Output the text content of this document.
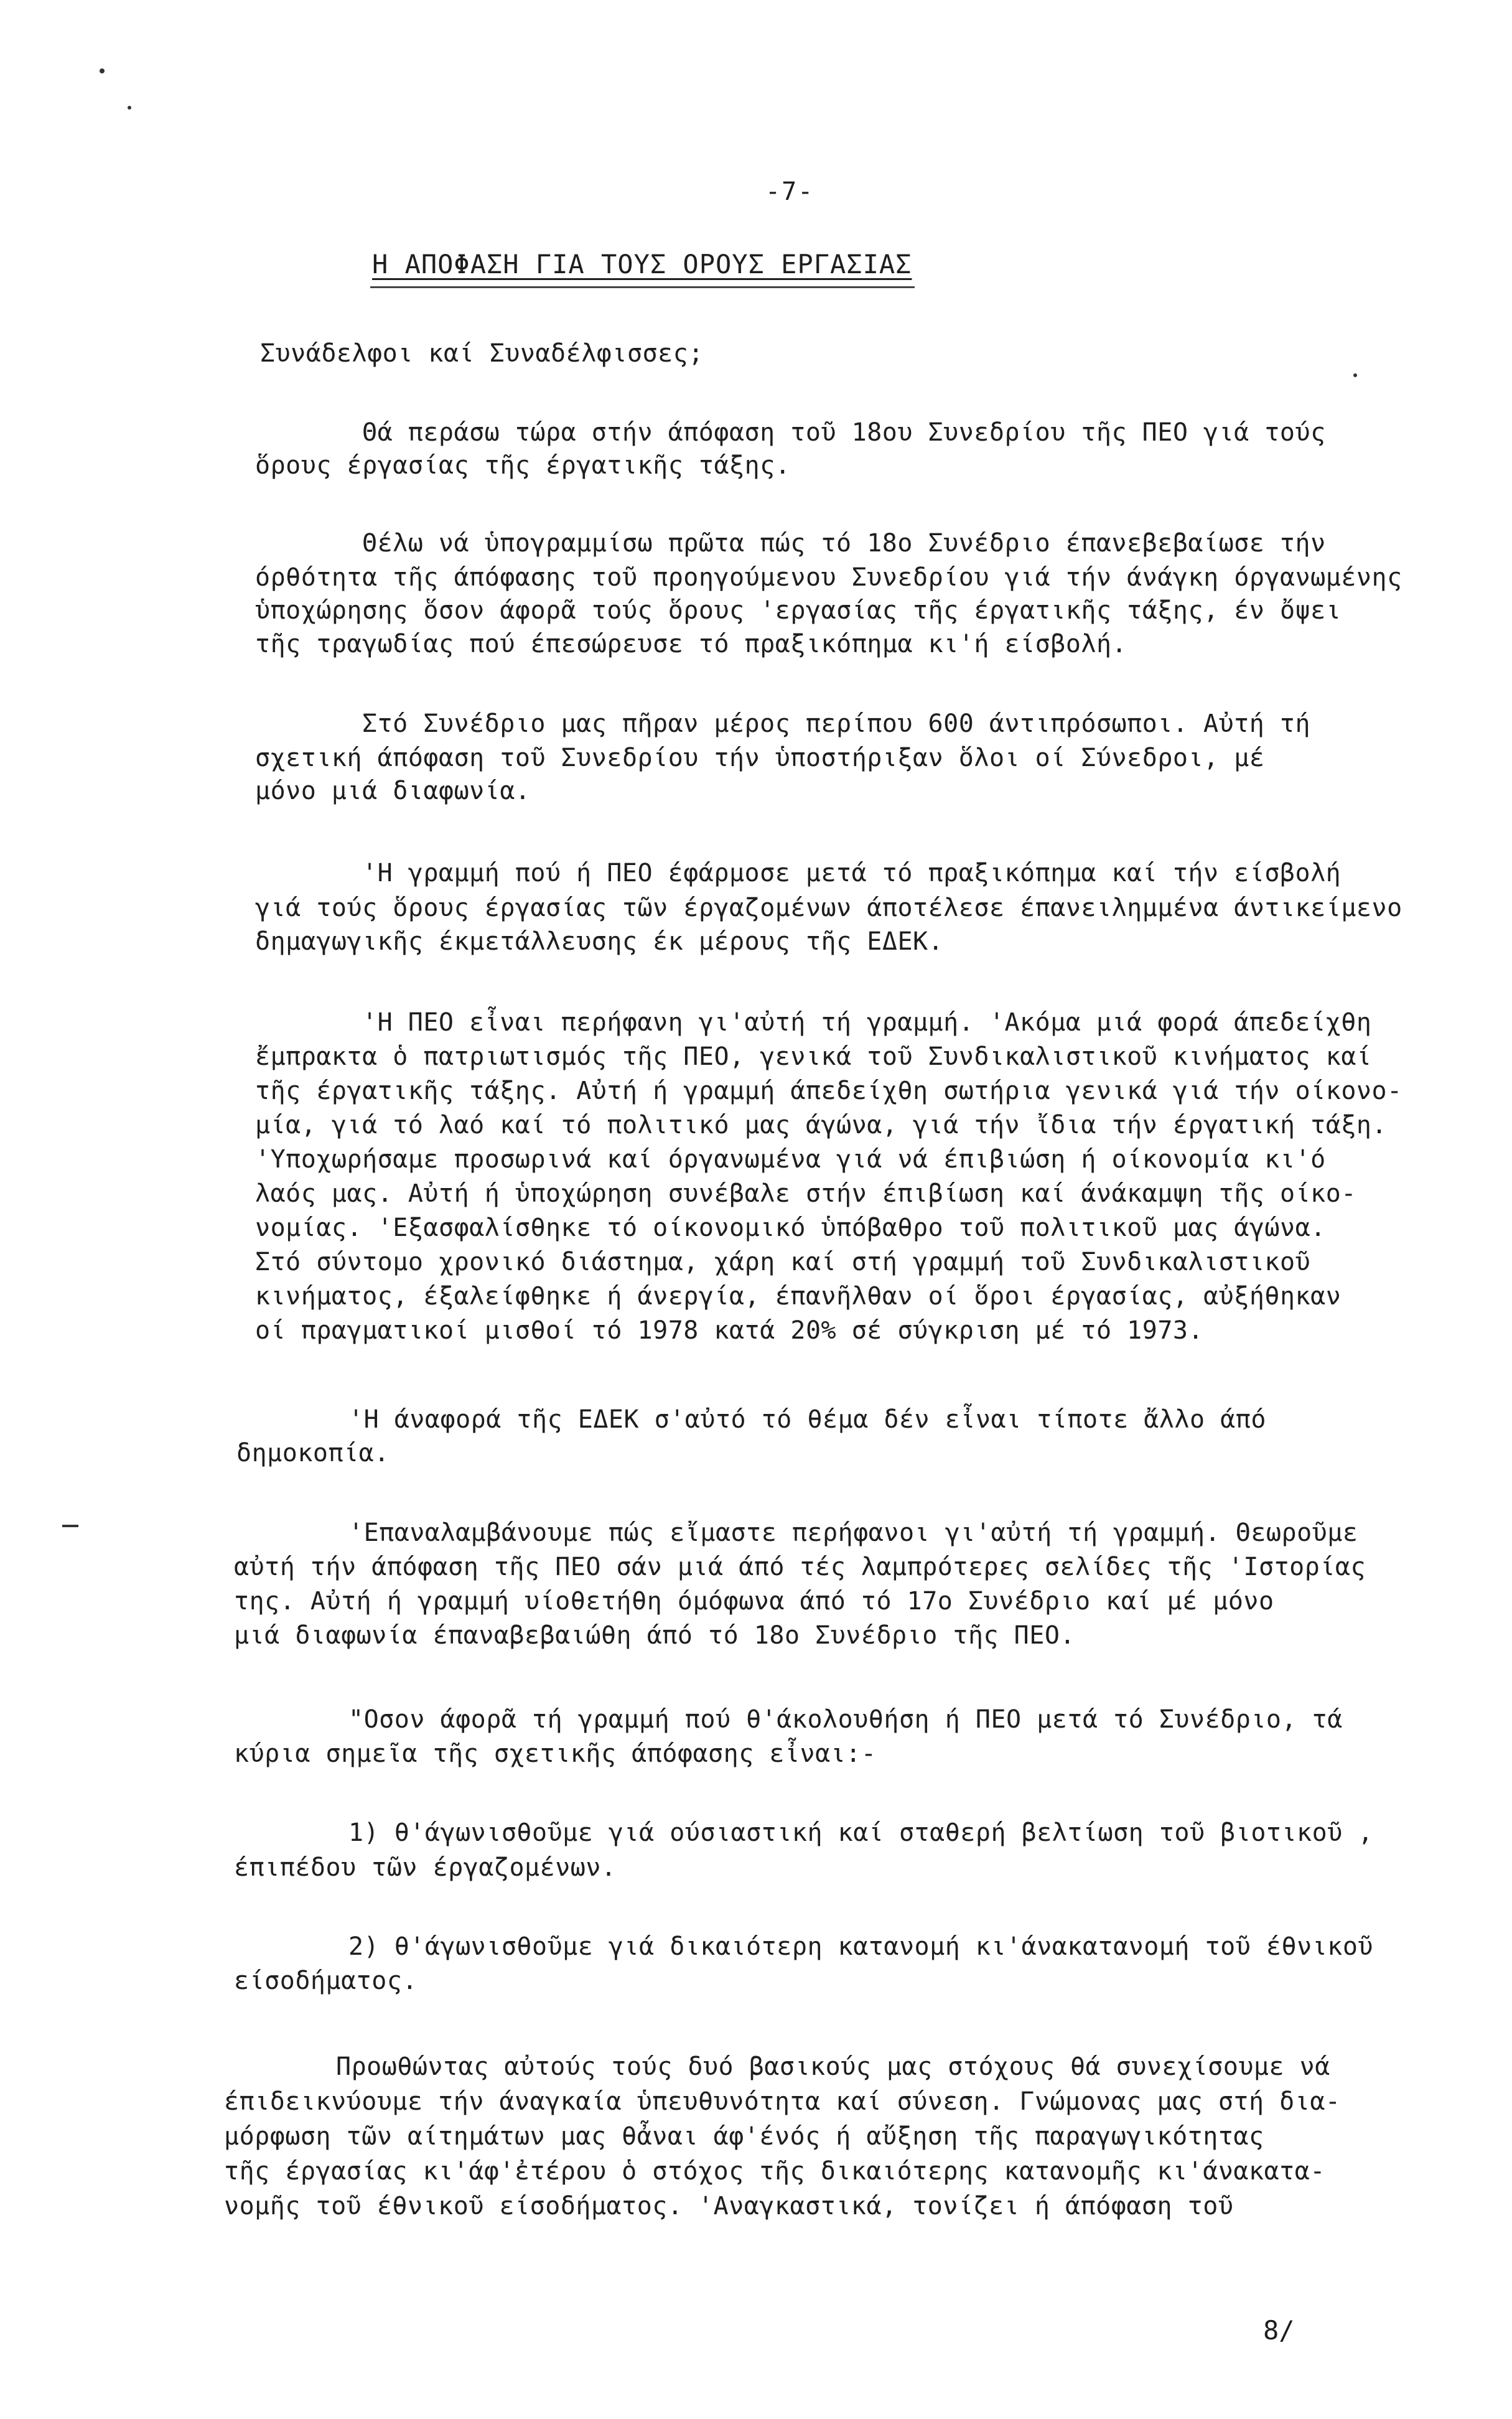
-7-
Η ΑΠΟΦΑΣΗ ΓΙΑ ΤΟΥΣ ΟΡΟΥΣ ΕΡΓΑΣΙΑΣ
Συνάδελφοι καί Συναδέλφισσες;
Θά περάσω τώρα στήν άπόφαση τοῦ 18ου Συνεδρίου τῆς ΠΕΟ γιά τούς
ὅρους έργασίας τῆς έργατικῆς τάξης.
Θέλω νά ὑπογραμμίσω πρῶτα πώς τό 18ο Συνέδριο έπανεβεβαίωσε τήν
όρθότητα τῆς άπόφασης τοῦ προηγούμενου Συνεδρίου γιά τήν άνάγκη όργανωμένης
ὑποχώρησης ὅσον άφορᾶ τούς ὅρους 'εργασίας τῆς έργατικῆς τάξης, έν ὄψει
τῆς τραγωδίας πού έπεσώρευσε τό πραξικόπημα κι'ή είσβολή.
Στό Συνέδριο μας πῆραν μέρος περίπου 600 άντιπρόσωποι. Αὐτή τή
σχετική άπόφαση τοῦ Συνεδρίου τήν ὑποστήριξαν ὅλοι οί Σύνεδροι, μέ
μόνο μιά διαφωνία.
'Η γραμμή πού ή ΠΕΟ έφάρμοσε μετά τό πραξικόπημα καί τήν είσβολή
γιά τούς ὅρους έργασίας τῶν έργαζομένων άποτέλεσε έπανειλημμένα άντικείμενο
δημαγωγικῆς έκμετάλλευσης έκ μέρους τῆς ΕΔΕΚ.
'Η ΠΕΟ εἶναι περήφανη γι'αὐτή τή γραμμή. 'Ακόμα μιά φορά άπεδείχθη
ἔμπρακτα ὁ πατριωτισμός τῆς ΠΕΟ, γενικά τοῦ Συνδικαλιστικοῦ κινήματος καί
τῆς έργατικῆς τάξης. Αὐτή ή γραμμή άπεδείχθη σωτήρια γενικά γιά τήν οίκονο-
μία, γιά τό λαό καί τό πολιτικό μας άγώνα, γιά τήν ἴδια τήν έργατική τάξη.
'Υποχωρήσαμε προσωρινά καί όργανωμένα γιά νά έπιβιώση ή οίκονομία κι'ό
λαός μας. Αὐτή ή ὑποχώρηση συνέβαλε στήν έπιβίωση καί άνάκαμψη τῆς οίκο-
νομίας. 'Εξασφαλίσθηκε τό οίκονομικό ὑπόβαθρο τοῦ πολιτικοῦ μας άγώνα.
Στό σύντομο χρονικό διάστημα, χάρη καί στή γραμμή τοῦ Συνδικαλιστικοῦ
κινήματος, έξαλείφθηκε ή άνεργία, έπανῆλθαν οί ὅροι έργασίας, αὐξήθηκαν
οί πραγματικοί μισθοί τό 1978 κατά 20% σέ σύγκριση μέ τό 1973.
'Η άναφορά τῆς ΕΔΕΚ σ'αὐτό τό θέμα δέν εἶναι τίποτε ἄλλο άπό
δημοκοπία.
'Επαναλαμβάνουμε πώς εἴμαστε περήφανοι γι'αὐτή τή γραμμή. Θεωροῦμε
αὐτή τήν άπόφαση τῆς ΠΕΟ σάν μιά άπό τές λαμπρότερες σελίδες τῆς 'Ιστορίας
της. Αὐτή ή γραμμή υίοθετήθη όμόφωνα άπό τό 17ο Συνέδριο καί μέ μόνο
μιά διαφωνία έπαναβεβαιώθη άπό τό 18ο Συνέδριο τῆς ΠΕΟ.
"Οσον άφορᾶ τή γραμμή πού θ'άκολουθήση ή ΠΕΟ μετά τό Συνέδριο, τά
κύρια σημεῖα τῆς σχετικῆς άπόφασης εἶναι:-
1) θ'άγωνισθοῦμε γιά ούσιαστική καί σταθερή βελτίωση τοῦ βιοτικοῦ ,
έπιπέδου τῶν έργαζομένων.
2) θ'άγωνισθοῦμε γιά δικαιότερη κατανομή κι'άνακατανομή τοῦ έθνικοῦ
είσοδήματος.
Προωθώντας αὐτούς τούς δυό βασικούς μας στόχους θά συνεχίσουμε νά
έπιδεικνύουμε τήν άναγκαία ὑπευθυνότητα καί σύνεση. Γνώμονας μας στή δια-
μόρφωση τῶν αίτημάτων μας θἆναι άφ'ένός ή αὔξηση τῆς παραγωγικότητας
τῆς έργασίας κι'άφ'ἐτέρου ὁ στόχος τῆς δικαιότερης κατανομῆς κι'άνακατα-
νομῆς τοῦ έθνικοῦ είσοδήματος. 'Αναγκαστικά, τονίζει ή άπόφαση τοῦ
8/
